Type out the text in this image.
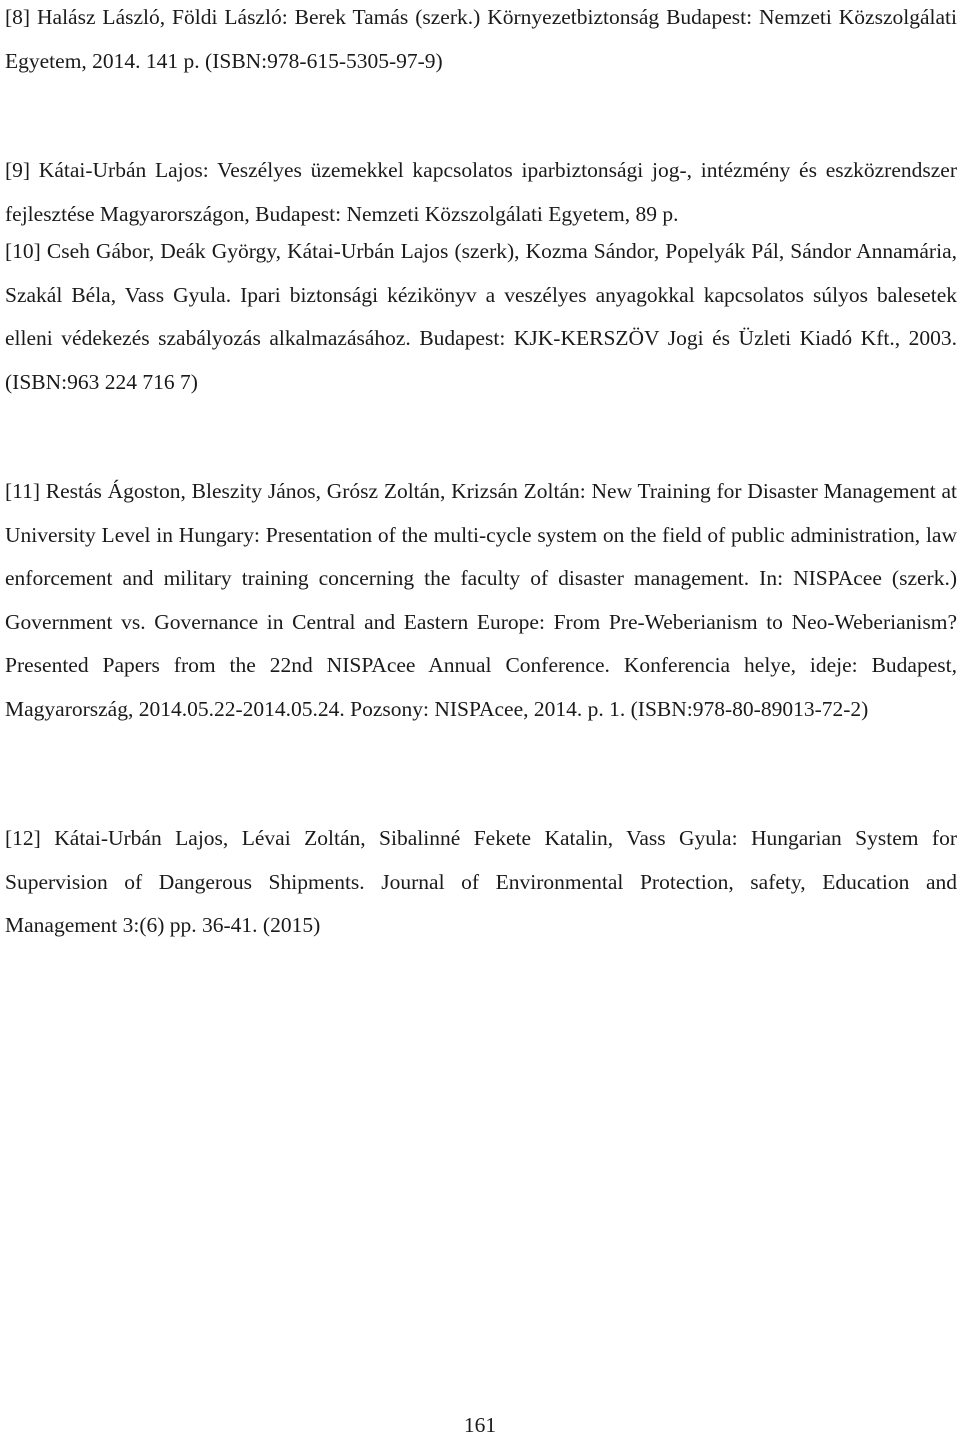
[8] Halász László, Földi László: Berek Tamás (szerk.) Környezetbiztonság Budapest: Nemzeti Közszolgálati Egyetem, 2014. 141 p. (ISBN:978-615-5305-97-9)

[9] Kátai-Urbán Lajos: Veszélyes üzemekkel kapcsolatos iparbiztonsági jog-, intézmény és eszközrendszer fejlesztése Magyarországon, Budapest: Nemzeti Közszolgálati Egyetem, 89 p.

[10] Cseh Gábor, Deák György, Kátai-Urbán Lajos (szerk), Kozma Sándor, Popelyák Pál, Sándor Annamária, Szakál Béla, Vass Gyula. Ipari biztonsági kézikönyv a veszélyes anyagokkal kapcsolatos súlyos balesetek elleni védekezés szabályozás alkalmazásához. Budapest: KJK-KERSZÖV Jogi és Üzleti Kiadó Kft., 2003. (ISBN:963 224 716 7)

[11] Restás Ágoston, Bleszity János, Grósz Zoltán, Krizsán Zoltán: New Training for Disaster Management at University Level in Hungary: Presentation of the multi-cycle system on the field of public administration, law enforcement and military training concerning the faculty of disaster management. In: NISPAcee (szerk.) Government vs. Governance in Central and Eastern Europe: From Pre-Weberianism to Neo-Weberianism? Presented Papers from the 22nd NISPAcee Annual Conference. Konferencia helye, ideje: Budapest, Magyarország, 2014.05.22-2014.05.24. Pozsony: NISPAcee, 2014. p. 1. (ISBN:978-80-89013-72-2)

[12] Kátai-Urbán Lajos, Lévai Zoltán, Sibalinné Fekete Katalin, Vass Gyula: Hungarian System for Supervision of Dangerous Shipments. Journal of Environmental Protection, safety, Education and Management 3:(6) pp. 36-41. (2015)

161
